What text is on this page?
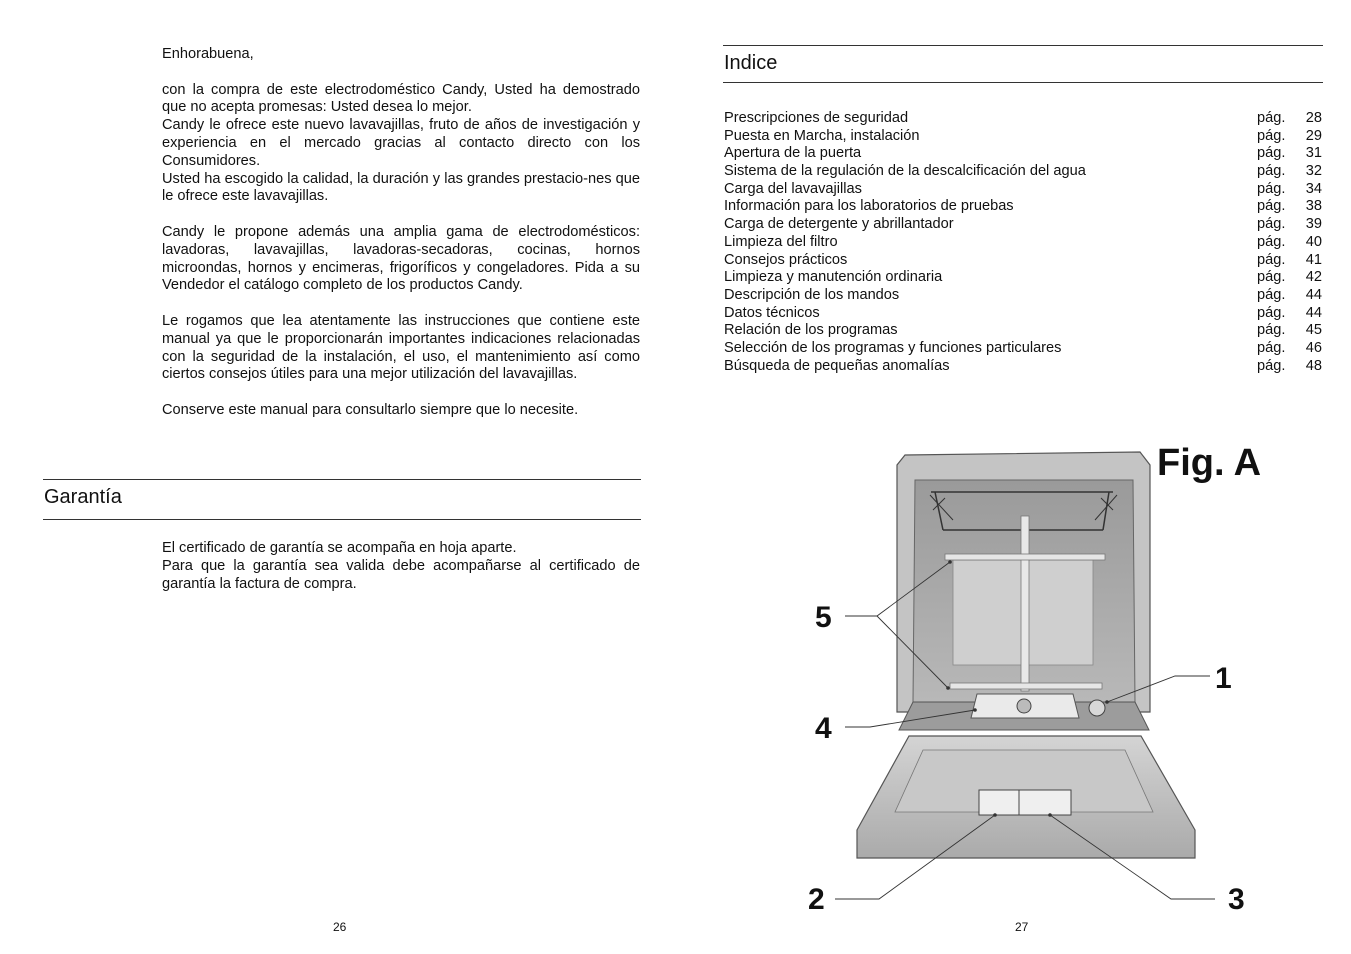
Enhorabuena,

con la compra de este electrodoméstico Candy, Usted ha demostrado que no acepta promesas: Usted desea lo mejor.

Candy le ofrece este nuevo lavavajillas, fruto de años de investigación y experiencia en el mercado gracias al contacto directo con los Consumidores.

Usted ha escogido la calidad, la duración y las grandes prestacio-nes que le ofrece este lavavajillas.

Candy le propone además una amplia gama de electrodomésticos: lavadoras, lavavajillas, lavadoras-secadoras, cocinas, hornos microondas, hornos y encimeras, frigoríficos y congeladores. Pida a su Vendedor el catálogo completo de los productos Candy.

Le rogamos que lea atentamente las instrucciones que contiene este manual ya que le proporcionarán importantes indicaciones relacionadas con la seguridad de la instalación, el uso, el mantenimiento así como ciertos consejos útiles para una mejor utilización del lavavajillas.

Conserve este manual para consultarlo siempre que lo necesite.

Garantía

El certificado de garantía se acompaña en hoja aparte.

Para que la garantía sea valida debe acompañarse al certificado de garantía la factura de compra.

26
Indice
Prescripciones de seguridad	pág. 28
Puesta en Marcha, instalación	pág. 29
Apertura de la puerta	pág. 31
Sistema de la regulación de la descalcificación del agua	pág. 32
Carga del lavavajillas	pág. 34
Información para los laboratorios de pruebas	pág. 38
Carga de detergente y abrillantador	pág. 39
Limpieza del filtro	pág. 40
Consejos prácticos	pág. 41
Limpieza y manutención ordinaria	pág. 42
Descripción de los mandos	pág. 44
Datos técnicos	pág. 44
Relación de los programas	pág. 45
Selección de los programas y funciones particulares	pág. 46
Búsqueda de pequeñas anomalías	pág. 48
27
Fig. A
5
1
4
2	3
